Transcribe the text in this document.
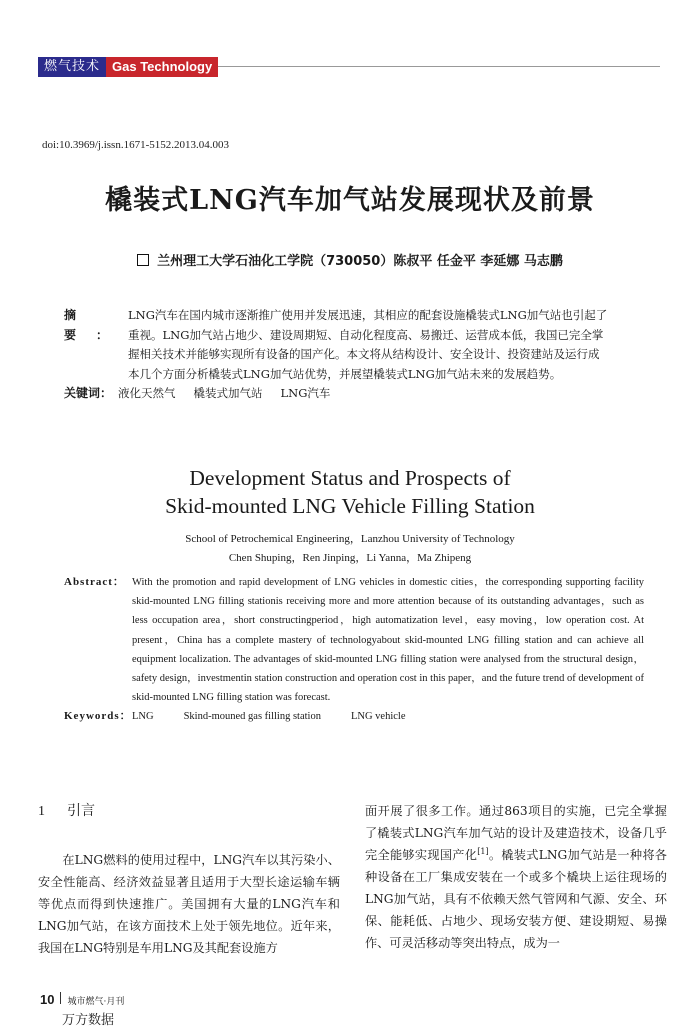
燃气技术 Gas Technology
doi:10.3969/j.issn.1671-5152.2013.04.003
橇装式LNG汽车加气站发展现状及前景
兰州理工大学石油化工学院（730050）陈叔平 任金平 李延娜 马志鹏
摘要：
LNG汽车在国内城市逐渐推广使用并发展迅速，其相应的配套设施橇装式LNG加气站也引起了
重视。LNG加气站占地少、建设周期短、自动化程度高、易搬迁、运营成本低，我国已完全掌
握相关技术并能够实现所有设备的国产化。本文将从结构设计、安全设计、投资建站及运行成
本几个方面分析橇装式LNG加气站优势，并展望橇装式LNG加气站未来的发展趋势。
关键词： 液化天然气 橇装式加气站 LNG汽车
Development Status and Prospects of
Skid-mounted LNG Vehicle Filling Station
School of Petrochemical Engineering，Lanzhou University of Technology
Chen Shuping，Ren Jinping，Li Yanna，Ma Zhipeng
Abstract： With the promotion and rapid development of LNG vehicles in domestic cities，the corresponding supporting facility skid-mounted LNG filling stationis receiving more and more attention because of its outstanding advantages，such as less occupation area，short constructingperiod，high automatization level，easy moving，low operation cost. At present，China has a complete mastery of technologyabout skid-mounted LNG filling station and can achieve all equipment localization. The advantages of skid-mounted LNG filling station were analysed from the structural design，safety design，investmentin station construction and operation cost in this paper，and the future trend of development of skid-mounted LNG filling station was forecast.

Keywords： LNG	Skind-mouned gas filling station	LNG vehicle
1 引言

在LNG燃料的使用过程中，LNG汽车以其污染小、安全性能高、经济效益显著且适用于大型长途运输车辆等优点而得到快速推广。美国拥有大量的LNG汽车和LNG加气站，在该方面技术上处于领先地位。近年来，我国在LNG特别是车用LNG及其配套设施方

面开展了很多工作。通过863项目的实施，已完全掌握了橇装式LNG汽车加气站的设计及建造技术，设备几乎完全能够实现国产化[1]。橇装式LNG加气站是一种将各种设备在工厂集成安装在一个或多个橇块上运往现场的LNG加气站，具有不依赖天然气管网和气源、安全、环保、能耗低、占地少、现场安装方便、建设期短、易操作、可灵活移动等突出特点，成为一

10 城市燃气·月刊
万方数据
